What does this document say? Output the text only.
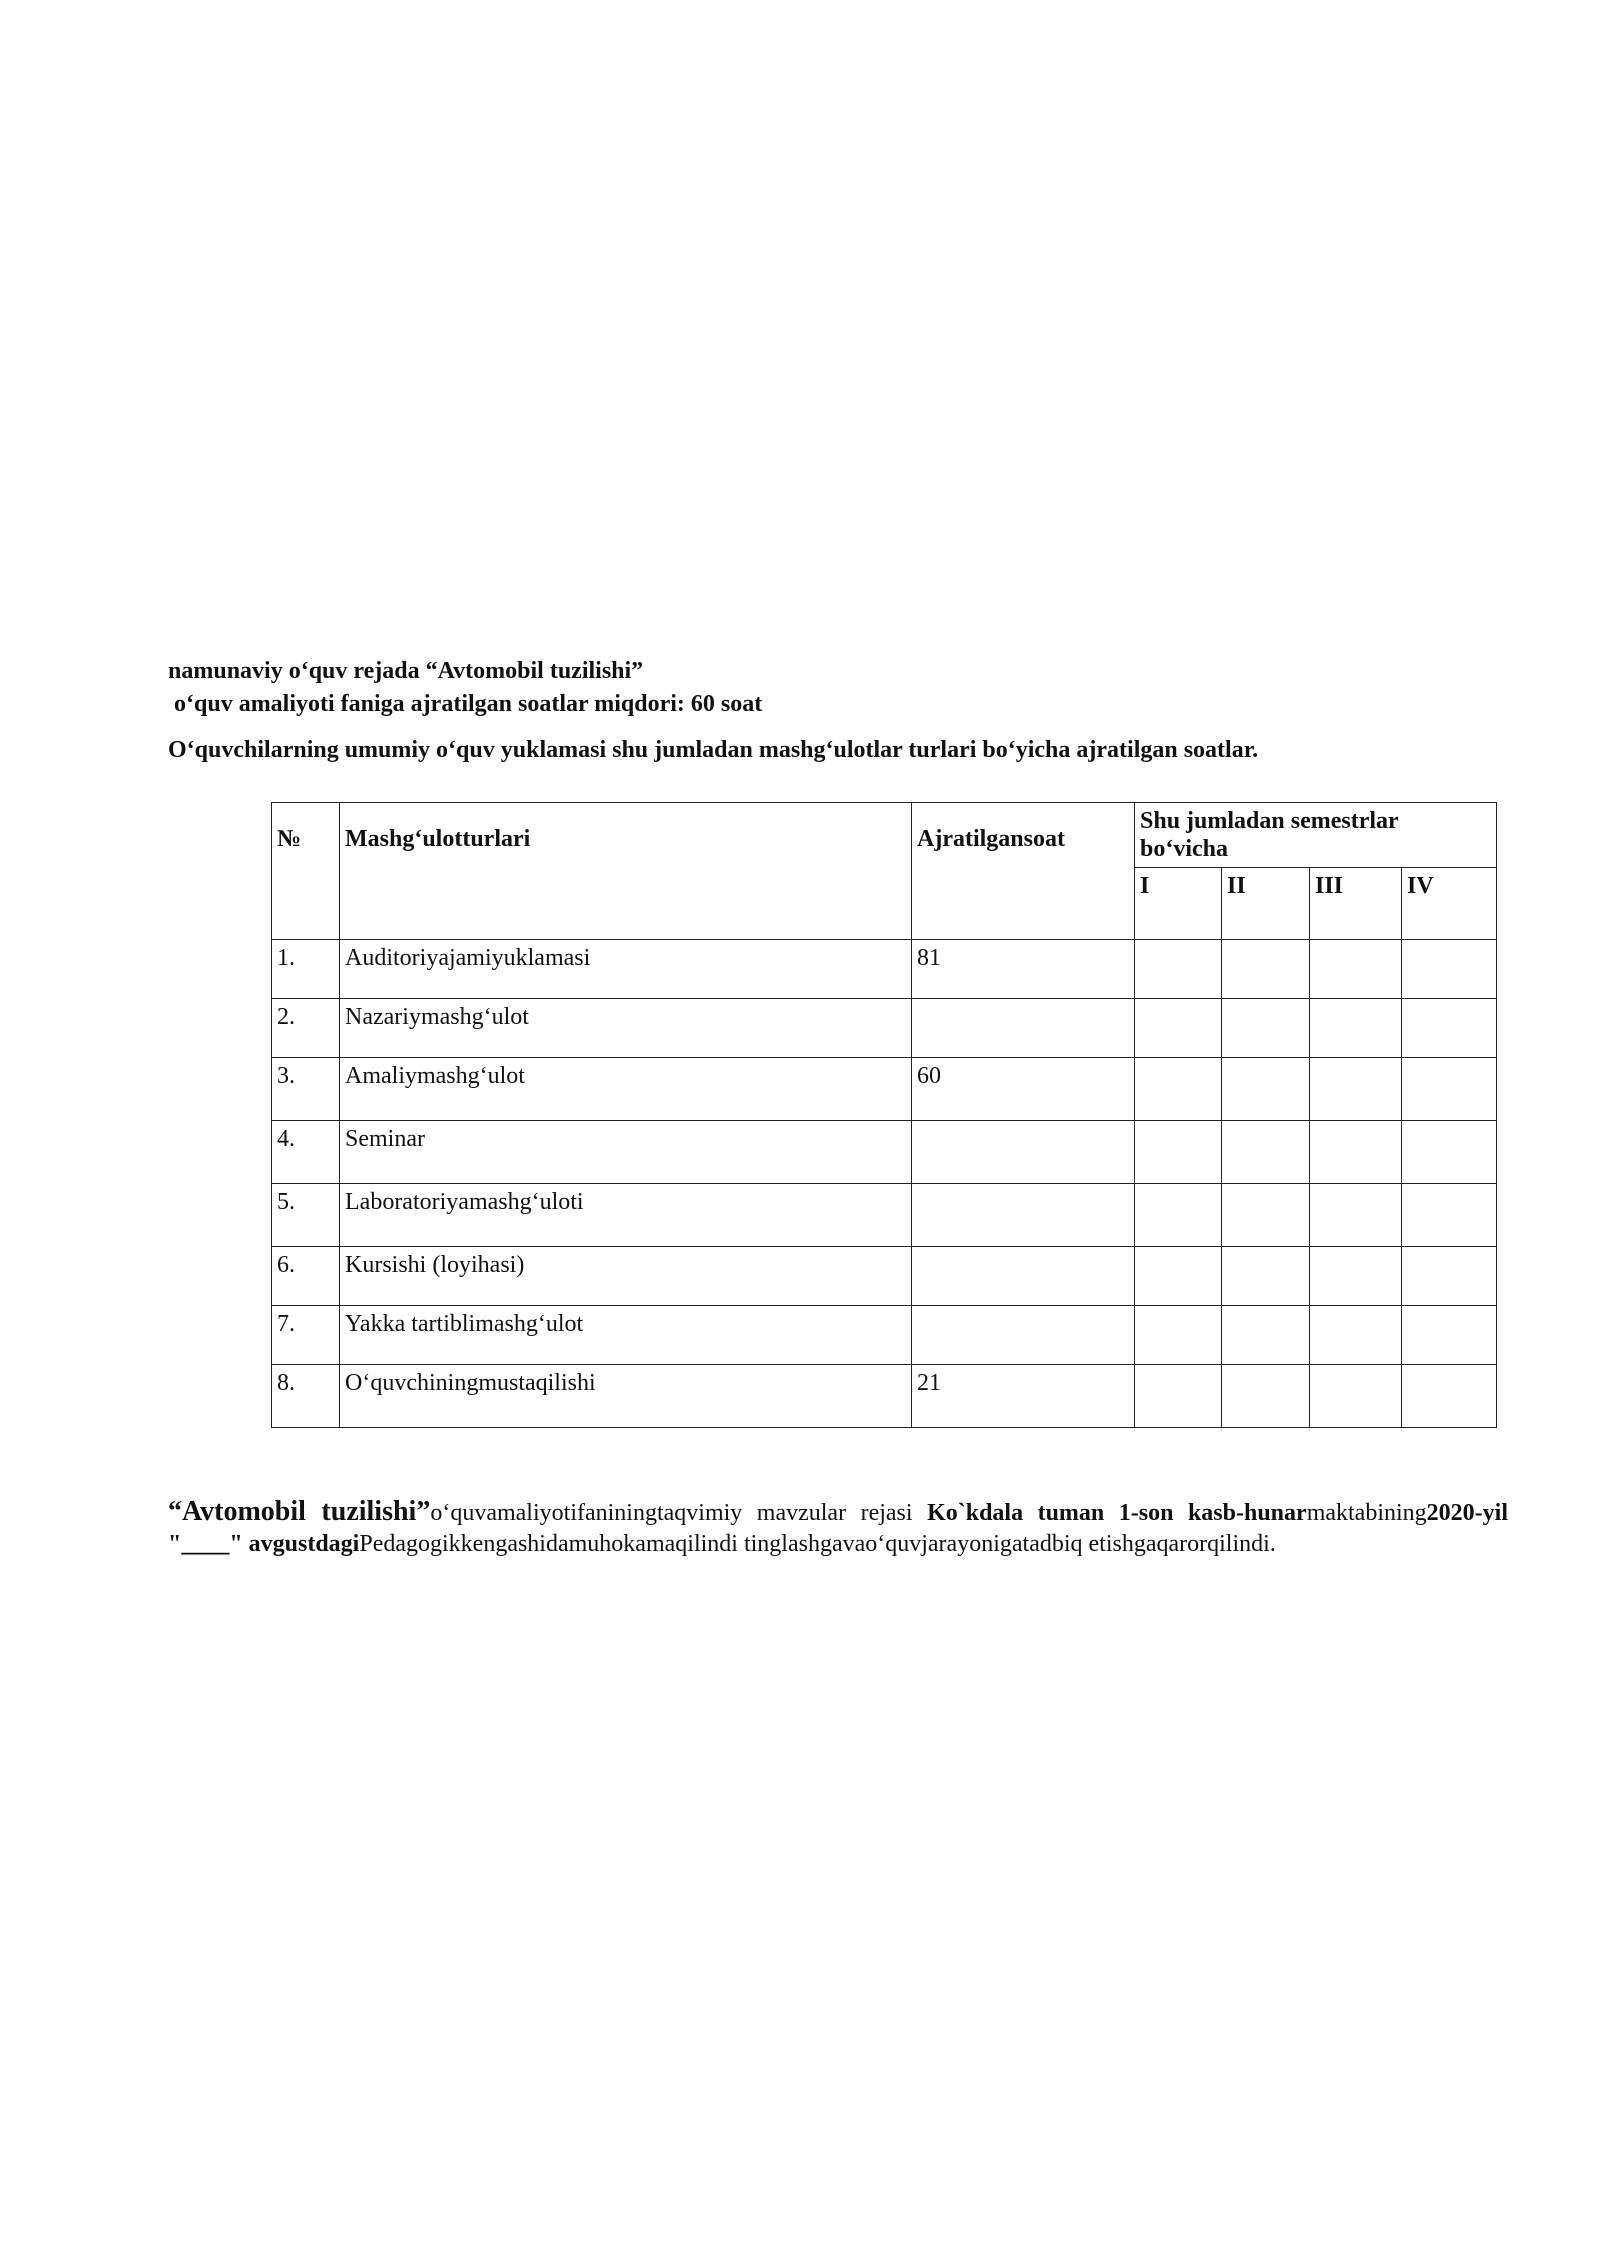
namunaviy o‘quv rejada “Avtomobil tuzilishi”
o‘quv amaliyoti faniga ajratilgan soatlar miqdori: 60 soat
O‘quvchilarning umumiy o‘quv yuklamasi shu jumladan mashg‘ulotlar turlari bo‘yicha ajratilgan soatlar.
№	Mashg‘ulotturlari	Ajratilgansoat	Shu jumladan semestrlar bo‘vicha			
			I	II	III	IV
1.	Auditoriyajamiyuklamasi	81				
2.	Nazariymashg‘ulot					
3.	Amaliymashg‘ulot	60				
4.	Seminar					
5.	Laboratoriyamashg‘uloti					
6.	Kursishi (loyihasi)					
7.	Yakka tartiblimashg‘ulot					
8.	O‘quvchiningmustaqilishi	21				
“Avtomobil tuzilishi”o‘quvamaliyotifaniningtaqvimiy mavzular rejasi Ko`kdala tuman 1-son kasb-hunarmaktabining2020-yil "____" avgustdagiPedagogikkengashidamuhokamaqilindi tinglashgavao‘quvjarayonigatadbiq etishgaqarorqilindi.
